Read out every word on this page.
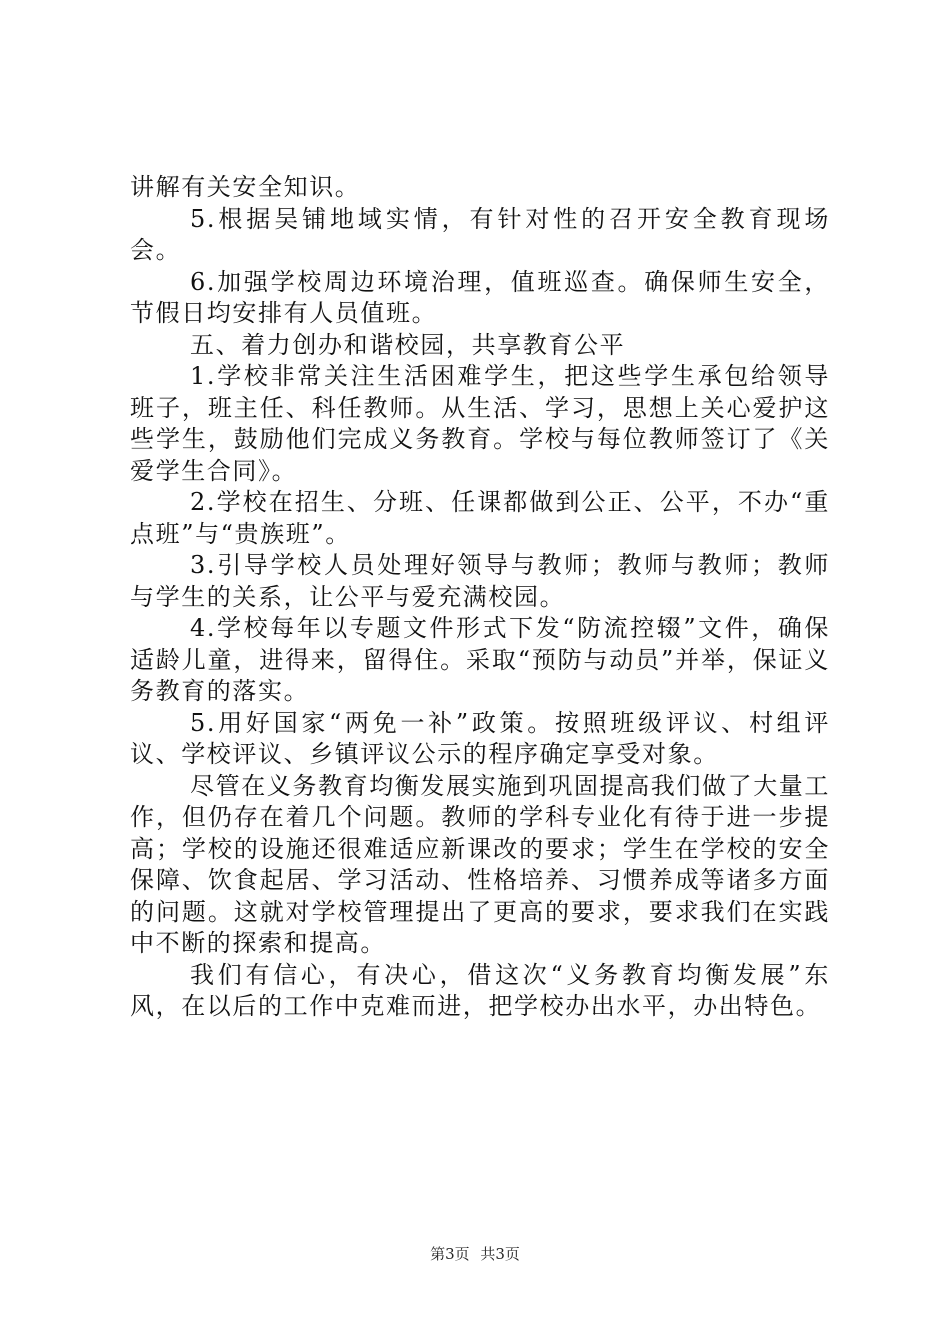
讲解有关安全知识。

5.根据吴铺地域实情，有针对性的召开安全教育现场会。

6.加强学校周边环境治理，值班巡查。确保师生安全，节假日均安排有人员值班。

五、着力创办和谐校园，共享教育公平

1.学校非常关注生活困难学生，把这些学生承包给领导班子，班主任、科任教师。从生活、学习，思想上关心爱护这些学生，鼓励他们完成义务教育。学校与每位教师签订了《关爱学生合同》。

2.学校在招生、分班、任课都做到公正、公平，不办“重点班”与“贵族班”。

3.引导学校人员处理好领导与教师；教师与教师；教师与学生的关系，让公平与爱充满校园。

4.学校每年以专题文件形式下发“防流控辍”文件，确保适龄儿童，进得来，留得住。采取“预防与动员”并举，保证义务教育的落实。

5.用好国家“两免一补”政策。按照班级评议、村组评议、学校评议、乡镇评议公示的程序确定享受对象。

尽管在义务教育均衡发展实施到巩固提高我们做了大量工作，但仍存在着几个问题。教师的学科专业化有待于进一步提高；学校的设施还很难适应新课改的要求；学生在学校的安全保障、饮食起居、学习活动、性格培养、习惯养成等诸多方面的问题。这就对学校管理提出了更高的要求，要求我们在实践中不断的探索和提高。

我们有信心，有决心，借这次“义务教育均衡发展”东风，在以后的工作中克难而进，把学校办出水平，办出特色。

第3页 共3页
